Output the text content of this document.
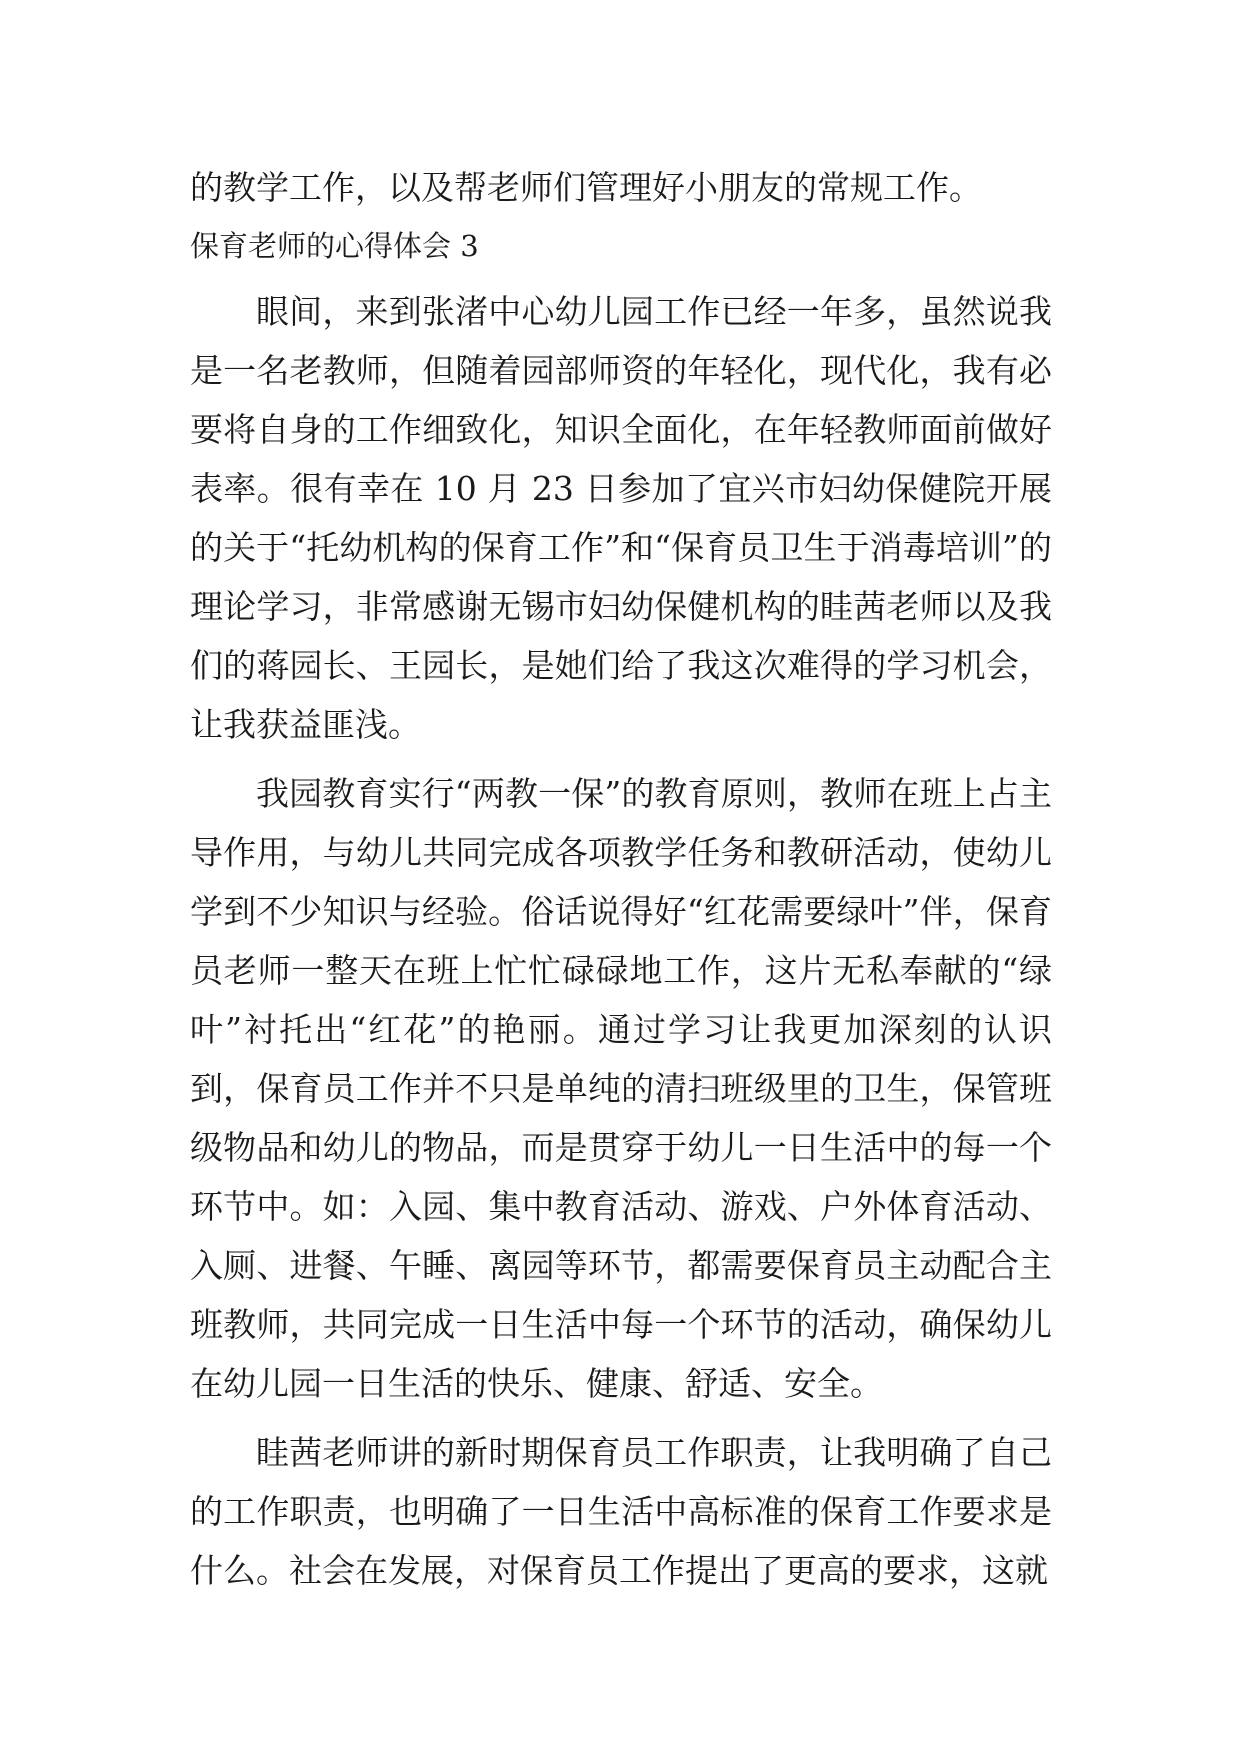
的教学工作，以及帮老师们管理好小朋友的常规工作。

保育老师的心得体会 3

眼间，来到张渚中心幼儿园工作已经一年多，虽然说我是一名老教师，但随着园部师资的年轻化，现代化，我有必要将自身的工作细致化，知识全面化，在年轻教师面前做好表率。很有幸在 10 月 23 日参加了宜兴市妇幼保健院开展的关于“托幼机构的保育工作”和“保育员卫生于消毒培训”的理论学习，非常感谢无锡市妇幼保健机构的眭茜老师以及我们的蒋园长、王园长，是她们给了我这次难得的学习机会，让我获益匪浅。

我园教育实行“两教一保”的教育原则，教师在班上占主导作用，与幼儿共同完成各项教学任务和教研活动，使幼儿学到不少知识与经验。俗话说得好“红花需要绿叶”伴，保育员老师一整天在班上忙忙碌碌地工作，这片无私奉献的“绿叶”衬托出“红花”的艳丽。通过学习让我更加深刻的认识到，保育员工作并不只是单纯的清扫班级里的卫生，保管班级物品和幼儿的物品，而是贯穿于幼儿一日生活中的每一个环节中。如：入园、集中教育活动、游戏、户外体育活动、入厕、进餐、午睡、离园等环节，都需要保育员主动配合主班教师，共同完成一日生活中每一个环节的活动，确保幼儿在幼儿园一日生活的快乐、健康、舒适、安全。

眭茜老师讲的新时期保育员工作职责，让我明确了自己的工作职责，也明确了一日生活中高标准的保育工作要求是什么。社会在发展，对保育员工作提出了更高的要求，这就
